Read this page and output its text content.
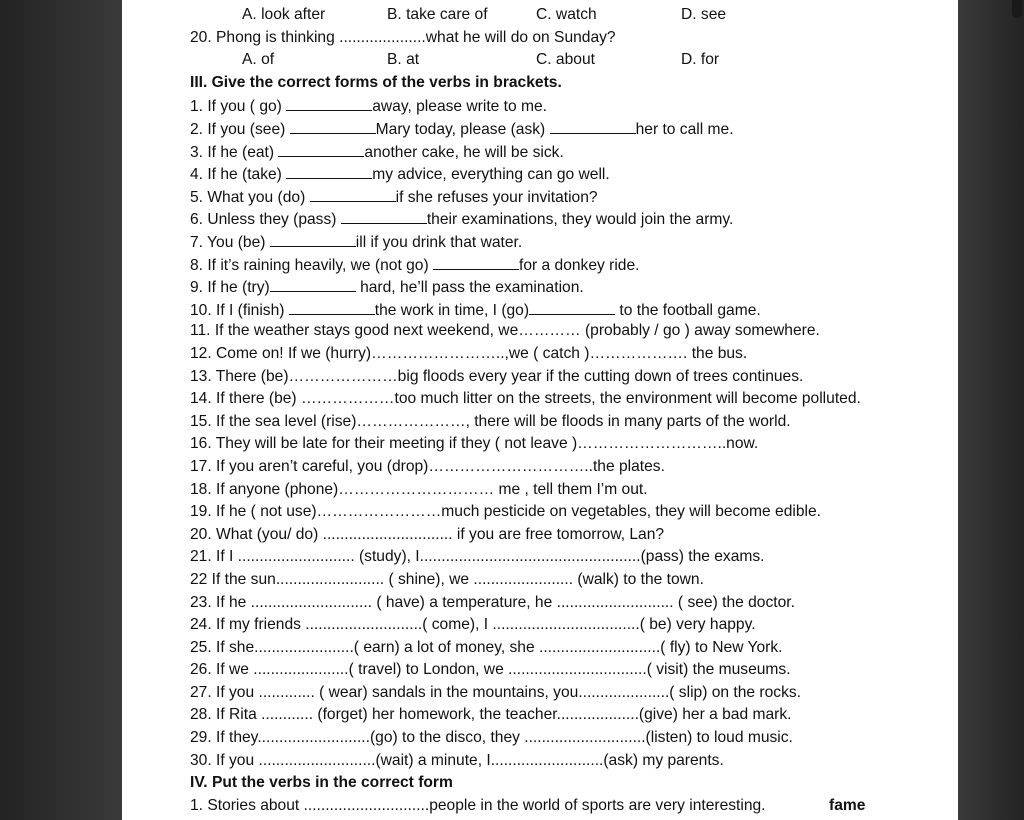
A. look after	B. take care of	C. watch	D. see
20. Phong is thinking ....................what he will do on Sunday?
A. of	B. at	C. about	D. for
III. Give the correct forms of the verbs in brackets.
1. If you ( go)	away, please write to me.
2. If you (see)	Mary today, please (ask)	her to call me.
3. If he (eat)	another cake, he will be sick.
4. If he (take)	my advice, everything can go well.
5. What you (do)	if she refuses your invitation?
6. Unless they (pass)	their examinations, they would join the army.
7. You (be)	ill if you drink that water.
8. If it’s raining heavily, we (not go)	for a donkey ride.
9. If he (try)	hard, he’ll pass the examination.
10. If I (finish)	the work in time, I (go)	to the football game.
11. If the weather stays good next weekend, we………… (probably / go ) away somewhere.
12. Come on! If we (hurry)……………………..,we ( catch )………………. the bus.
13. There (be)…………………big floods every year if the cutting down of trees continues.
14. If there (be) ………………too much litter on the streets, the environment will become polluted.
15. If the sea level (rise)…………………, there will be floods in many parts of the world.
16. They will be late for their meeting if they ( not leave )………………………..now.
17. If you aren’t careful, you (drop)…………………………..the plates.
18. If anyone (phone)………………………… me , tell them I’m out.
19. If he ( not use)……………………much pesticide on vegetables, they will become edible.
20. What (you/ do) .............................. if you are free tomorrow, Lan?
21. If I ........................... (study), I...................................................(pass) the exams.
22 If the sun......................... ( shine), we ....................... (walk) to the town.
23. If he ............................ ( have) a temperature, he ........................... ( see) the doctor.
24. If my friends ...........................( come), I ..................................( be) very happy.
25. If she.......................( earn) a lot of money, she ............................( fly) to New York.
26. If we ......................( travel) to London, we ................................( visit) the museums.
27. If you ............. ( wear) sandals in the mountains, you.....................( slip) on the rocks.
28. If Rita ............ (forget) her homework, the teacher...................(give) her a bad mark.
29. If they..........................(go) to the disco, they ............................(listen) to loud music.
30. If you ...........................(wait) a minute, I..........................(ask) my parents.
IV. Put the verbs in the correct form
1. Stories about .............................people in the world of sports are very interesting.	fame
